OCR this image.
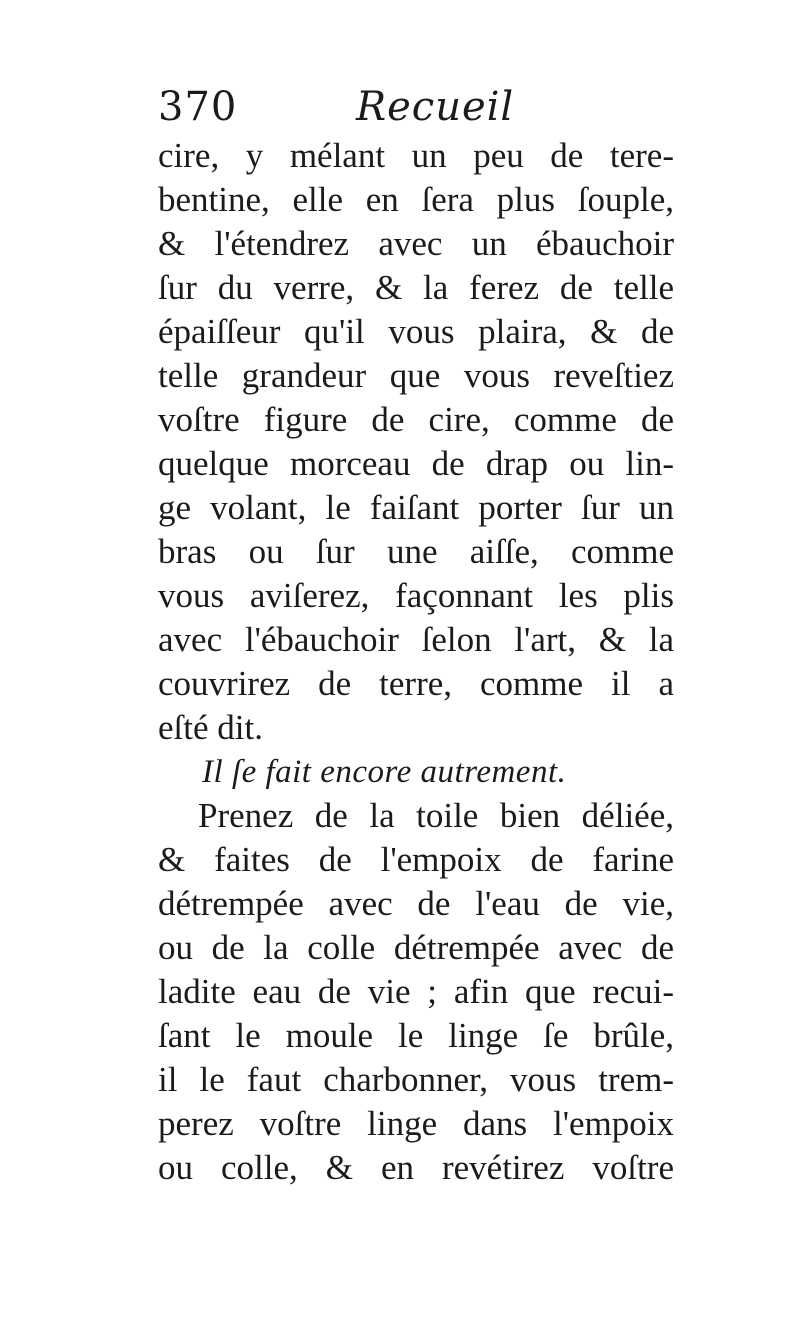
370	Recueil
cire, y mélant un peu de tere-
bentine, elle en ſera plus ſouple,
& l'étendrez avec un ébauchoir
ſur du verre, & la ferez de telle
épaiſſeur qu'il vous plaira, & de
telle grandeur que vous reveſtiez
voſtre figure de cire, comme de
quelque morceau de drap ou lin-
ge volant, le faiſant porter ſur un
bras ou ſur une aiſſe, comme
vous aviſerez, façonnant les plis
avec l'ébauchoir ſelon l'art, & la
couvrirez de terre, comme il a
eſté dit.
Il ſe fait encore autrement.
Prenez de la toile bien déliée,
& faites de l'empoix de farine
détrempée avec de l'eau de vie,
ou de la colle détrempée avec de
ladite eau de vie ; afin que recui-
ſant le moule le linge ſe brûle,
il le faut charbonner, vous trem-
perez voſtre linge dans l'empoix
ou colle, & en revétirez voſtre
